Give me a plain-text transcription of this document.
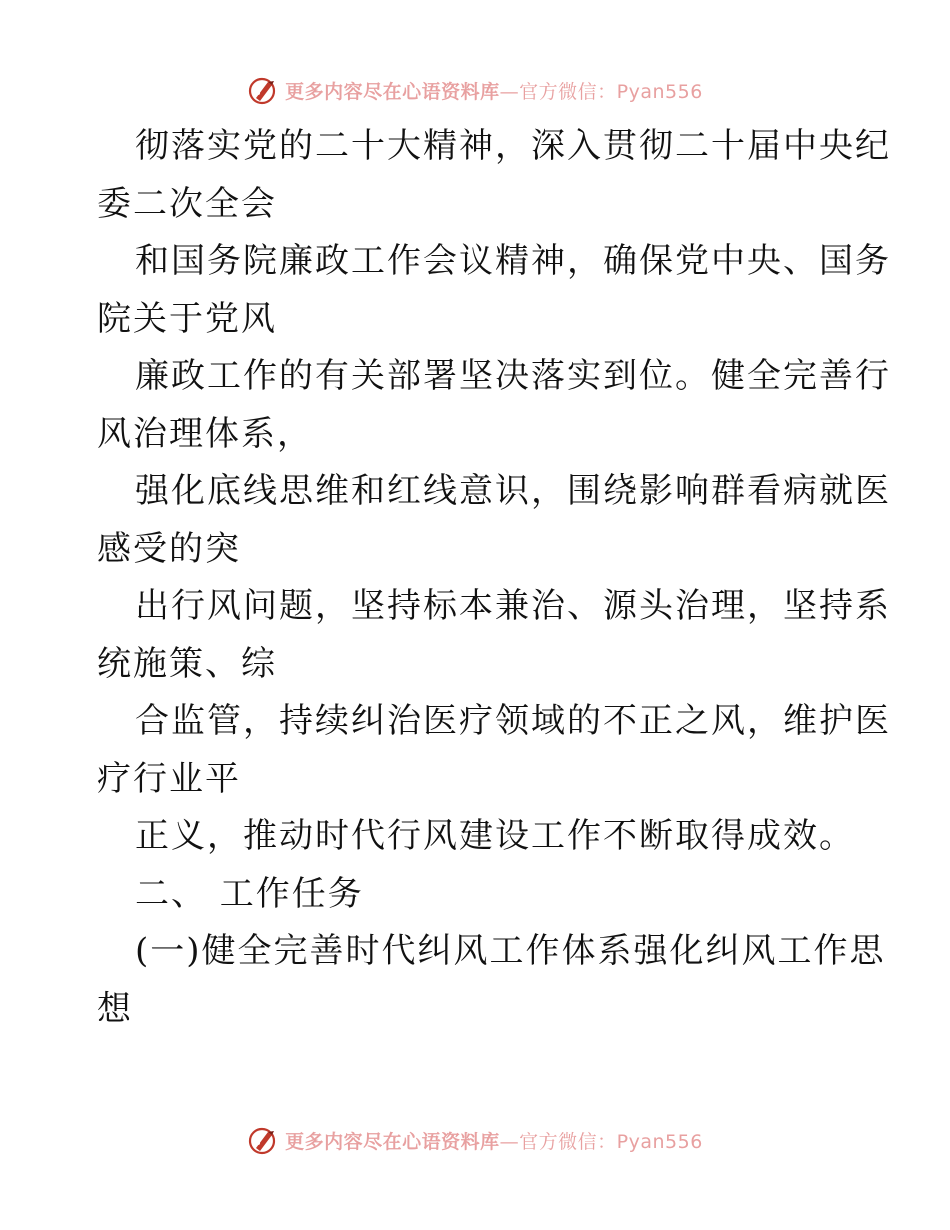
更多内容尽在心语资料库—官方微信：Pyan556
彻落实党的二十大精神，深入贯彻二十届中央纪
委二次全会
和国务院廉政工作会议精神，确保党中央、国务
院关于党风
廉政工作的有关部署坚决落实到位。健全完善行
风治理体系，
强化底线思维和红线意识，围绕影响群看病就医
感受的突
出行风问题，坚持标本兼治、源头治理，坚持系
统施策、综
合监管，持续纠治医疗领域的不正之风，维护医
疗行业平
正义，推动时代行风建设工作不断取得成效。
二、 工作任务
(一)健全完善时代纠风工作体系强化纠风工作思
想
更多内容尽在心语资料库—官方微信：Pyan556
